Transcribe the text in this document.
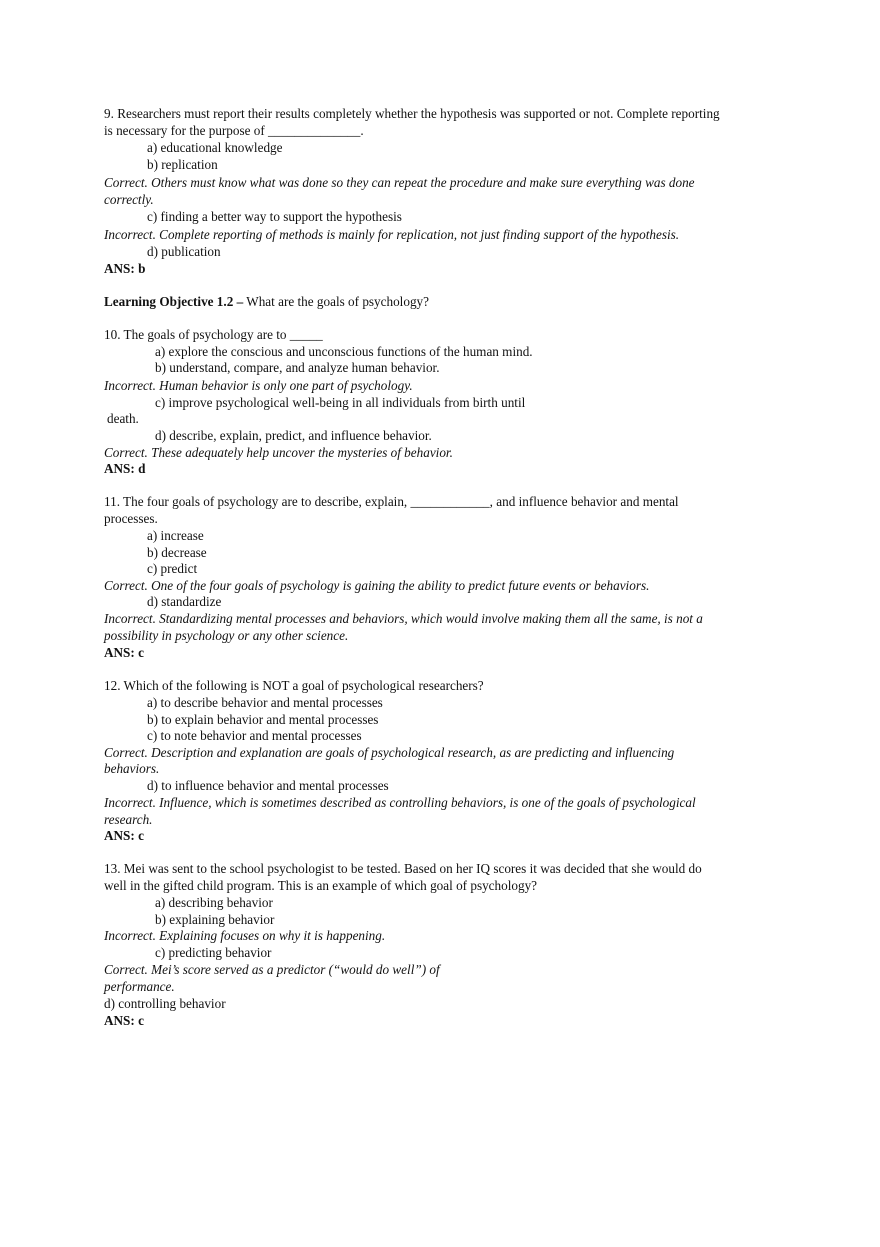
9. Researchers must report their results completely whether the hypothesis was supported or not. Complete reporting
is necessary for the purpose of ______________.
a) educational knowledge
b) replication
Correct. Others must know what was done so they can repeat the procedure and make sure everything was done
correctly.
c) finding a better way to support the hypothesis
Incorrect. Complete reporting of methods is mainly for replication, not just finding support of the hypothesis.
d) publication
ANS: b
Learning Objective 1.2 – What are the goals of psychology?
10. The goals of psychology are to _____
a) explore the conscious and unconscious functions of the human mind.
b) understand, compare, and analyze human behavior.
Incorrect. Human behavior is only one part of psychology.
c) improve psychological well-being in all individuals from birth until
death.
d) describe, explain, predict, and influence behavior.
Correct. These adequately help uncover the mysteries of behavior.
ANS: d
11. The four goals of psychology are to describe, explain, ____________, and influence behavior and mental
processes.
a) increase
b) decrease
c) predict
Correct. One of the four goals of psychology is gaining the ability to predict future events or behaviors.
d) standardize
Incorrect. Standardizing mental processes and behaviors, which would involve making them all the same, is not a
possibility in psychology or any other science.
ANS: c
12. Which of the following is NOT a goal of psychological researchers?
a) to describe behavior and mental processes
b) to explain behavior and mental processes
c) to note behavior and mental processes
Correct. Description and explanation are goals of psychological research, as are predicting and influencing
behaviors.
d) to influence behavior and mental processes
Incorrect. Influence, which is sometimes described as controlling behaviors, is one of the goals of psychological
research.
ANS: c
13. Mei was sent to the school psychologist to be tested. Based on her IQ scores it was decided that she would do
well in the gifted child program. This is an example of which goal of psychology?
a) describing behavior
b) explaining behavior
Incorrect. Explaining focuses on why it is happening.
c) predicting behavior
Correct. Mei’s score served as a predictor (“would do well”) of
performance.
d) controlling behavior
ANS: c
